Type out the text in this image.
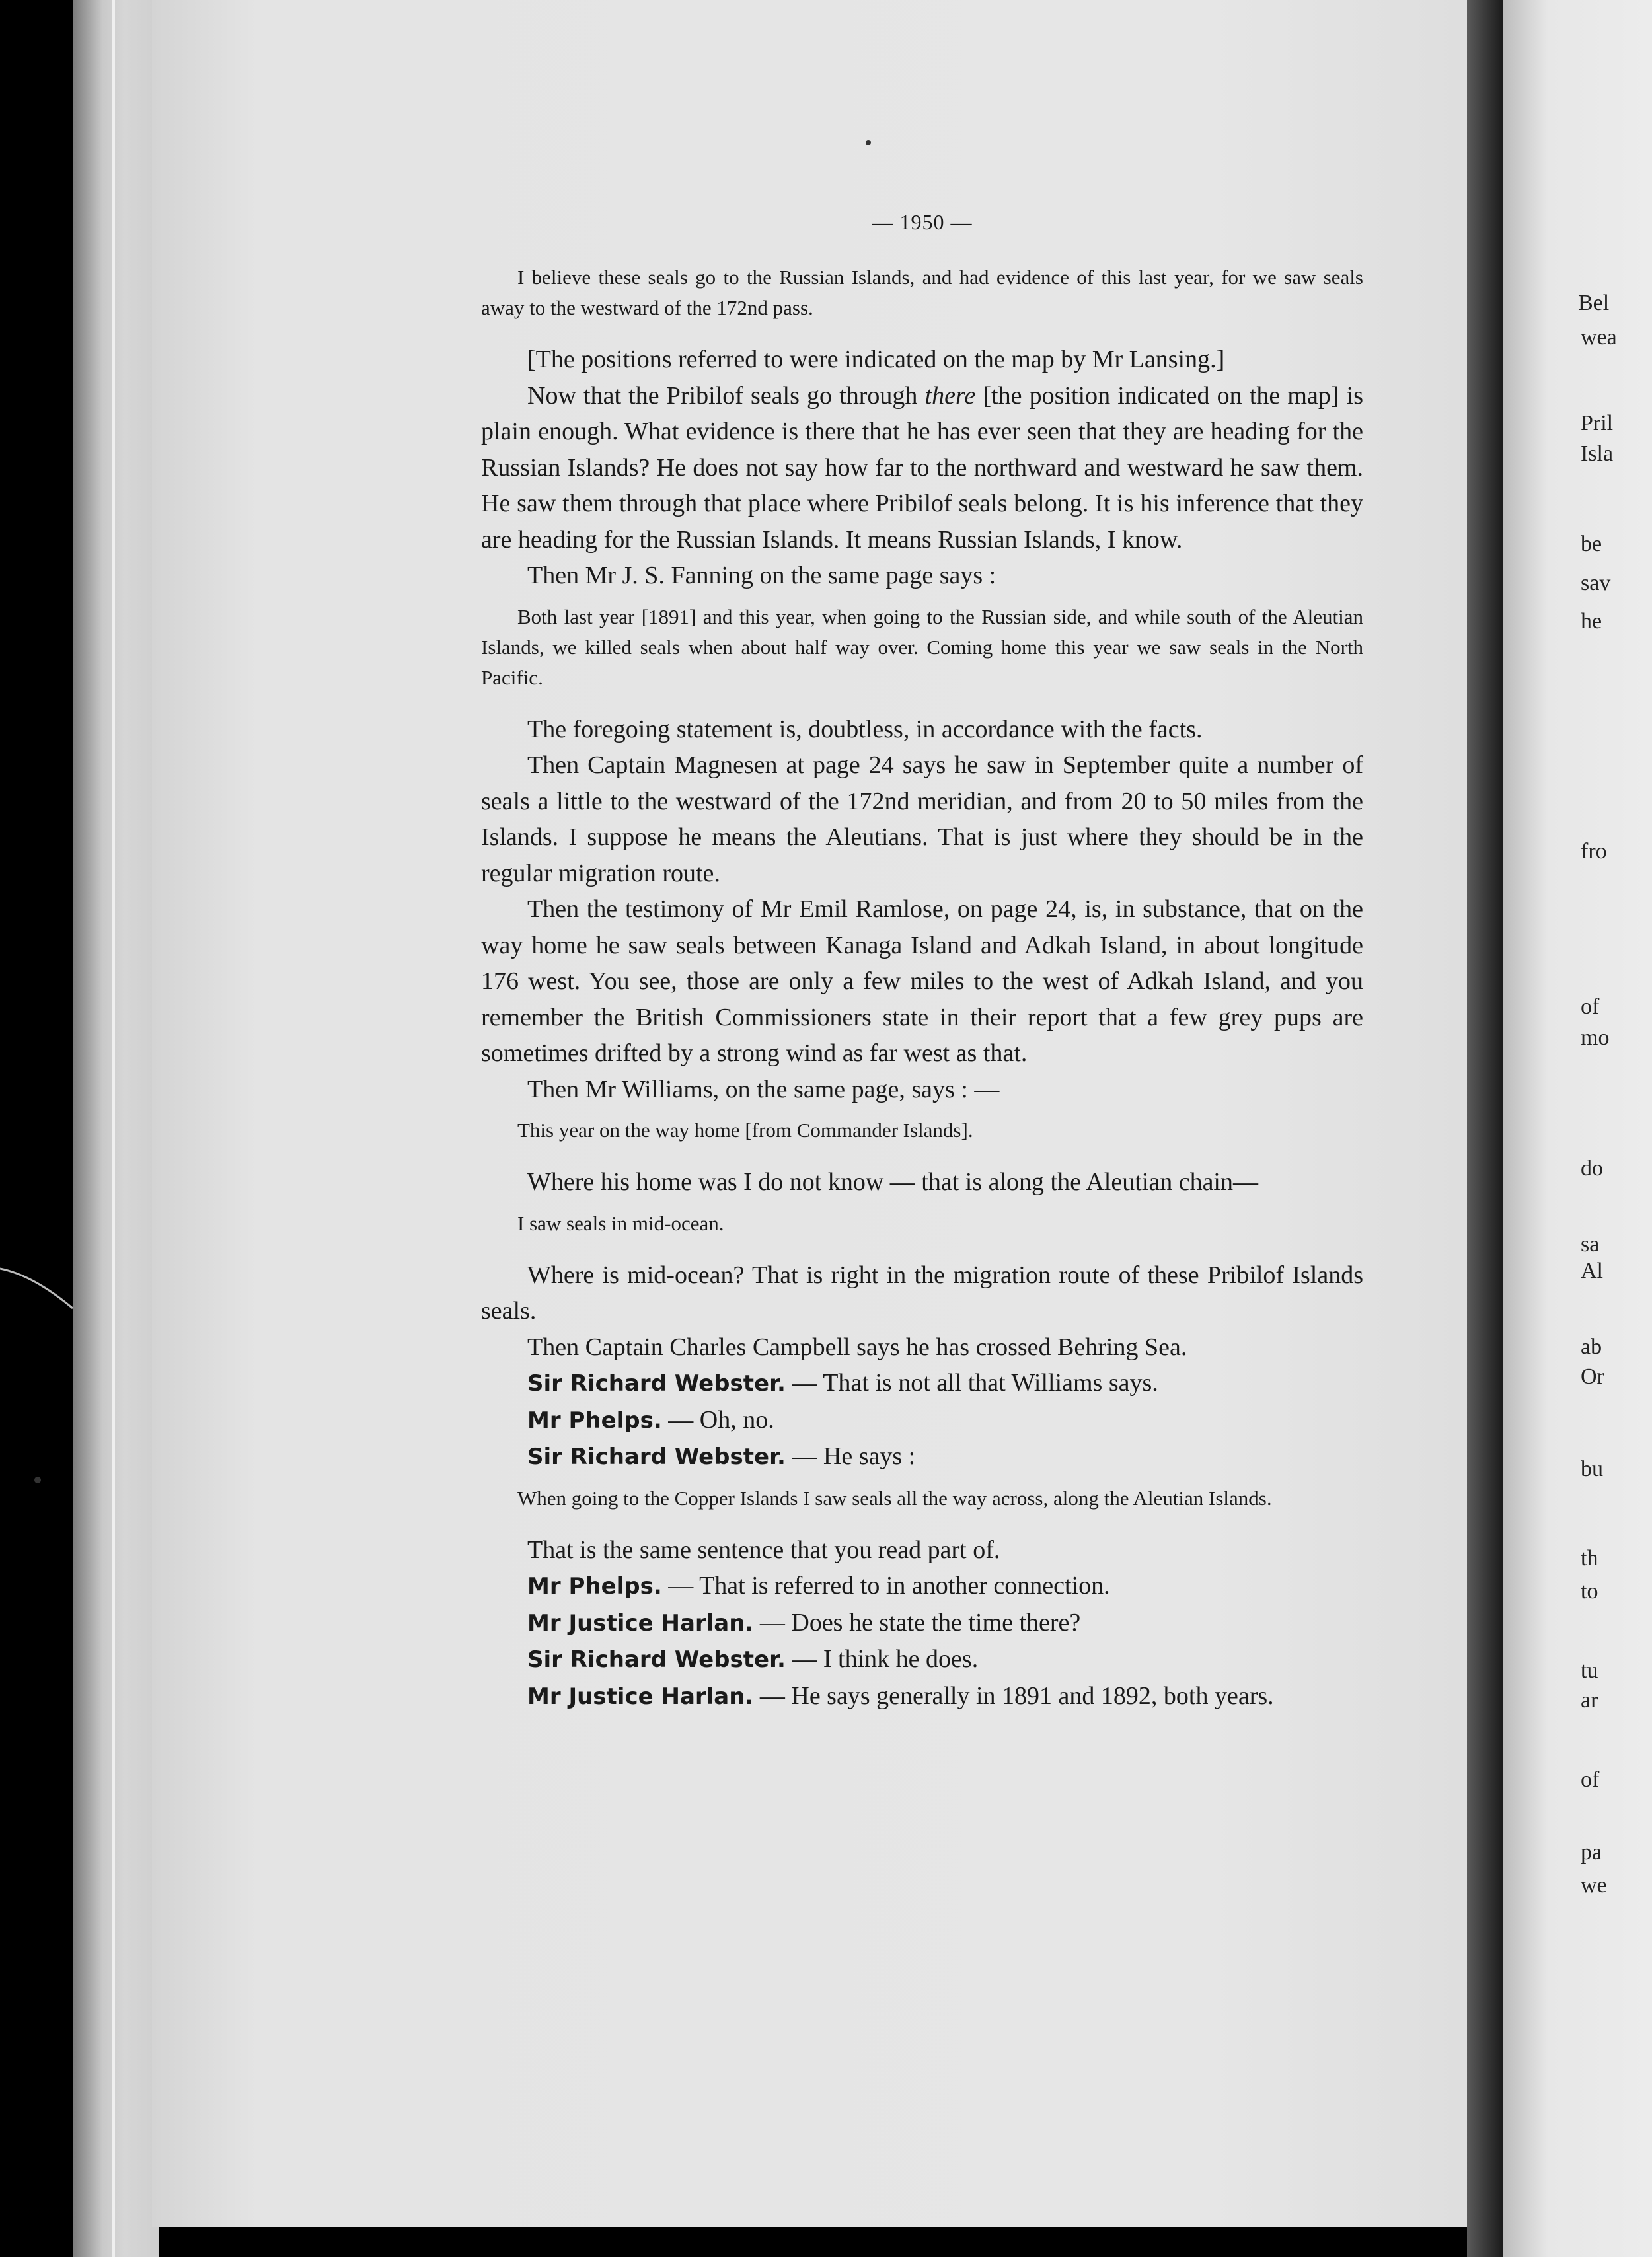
— 1950 —

I believe these seals go to the Russian Islands, and had evidence of this last year, for we saw seals away to the westward of the 172nd pass.

[The positions referred to were indicated on the map by Mr Lansing.]

Now that the Pribilof seals go through there [the position indicated on the map] is plain enough. What evidence is there that he has ever seen that they are heading for the Russian Islands? He does not say how far to the northward and westward he saw them. He saw them through that place where Pribilof seals belong. It is his inference that they are heading for the Russian Islands. It means Russian Islands, I know.

Then Mr J. S. Fanning on the same page says :

Both last year [1891] and this year, when going to the Russian side, and while south of the Aleutian Islands, we killed seals when about half way over. Coming home this year we saw seals in the North Pacific.

The foregoing statement is, doubtless, in accordance with the facts.

Then Captain Magnesen at page 24 says he saw in September quite a number of seals a little to the westward of the 172nd meridian, and from 20 to 50 miles from the Islands. I suppose he means the Aleutians. That is just where they should be in the regular migration route.

Then the testimony of Mr Emil Ramlose, on page 24, is, in substance, that on the way home he saw seals between Kanaga Island and Adkah Island, in about longitude 176 west. You see, those are only a few miles to the west of Adkah Island, and you remember the British Commissioners state in their report that a few grey pups are sometimes drifted by a strong wind as far west as that.

Then Mr Williams, on the same page, says : —

This year on the way home [from Commander Islands].

Where his home was I do not know — that is along the Aleutian chain—

I saw seals in mid-ocean.

Where is mid-ocean? That is right in the migration route of these Pribilof Islands seals.

Then Captain Charles Campbell says he has crossed Behring Sea.

Sir Richard Webster. — That is not all that Williams says.

Mr Phelps. — Oh, no.

Sir Richard Webster. — He says :

When going to the Copper Islands I saw seals all the way across, along the Aleutian Islands.

That is the same sentence that you read part of.

Mr Phelps. — That is referred to in another connection.

Mr Justice Harlan. — Does he state the time there?

Sir Richard Webster. — I think he does.

Mr Justice Harlan. — He says generally in 1891 and 1892, both years.

Bel
wea
Pril
Isla
be
sav
he
fro
of
mo
do
sa
Al
ab
Or
bu
th
to
tu
ar
of
pa
we
